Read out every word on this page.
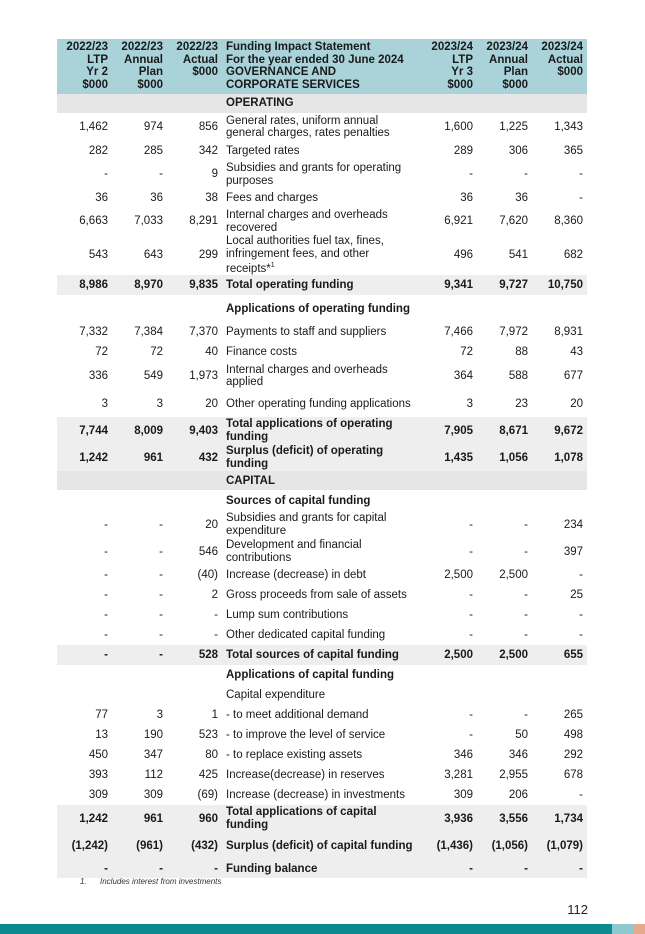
2022/23
LTP
Yr 2
$000	2022/23
Annual
Plan
$000	2022/23
Actual
$000	Funding Impact Statement
For the year ended 30 June 2024
GOVERNANCE AND
CORPORATE SERVICES	2023/24
LTP
Yr 3
$000	2023/24
Annual
Plan
$000	2023/24
Actual
$000
			OPERATING			
1,462	974	856	General rates, uniform annual general charges, rates penalties	1,600	1,225	1,343
282	285	342	Targeted rates	289	306	365
-	-	9	Subsidies and grants for operating purposes	-	-	-
36	36	38	Fees and charges	36	36	-
6,663	7,033	8,291	Internal charges and overheads recovered	6,921	7,620	8,360
543	643	299	Local authorities fuel tax, fines, infringement fees, and other receipts*$^1$	496	541	682
8,986	8,970	9,835	Total operating funding	9,341	9,727	10,750
			Applications of operating funding			
7,332	7,384	7,370	Payments to staff and suppliers	7,466	7,972	8,931
72	72	40	Finance costs	72	88	43
336	549	1,973	Internal charges and overheads applied	364	588	677
3	3	20	Other operating funding applications	3	23	20
7,744	8,009	9,403	Total applications of operating funding	7,905	8,671	9,672
1,242	961	432	Surplus (deficit) of operating funding	1,435	1,056	1,078
			CAPITAL			
			Sources of capital funding			
-	-	20	Subsidies and grants for capital expenditure	-	-	234
-	-	546	Development and financial contributions	-	-	397
-	-	(40)	Increase (decrease) in debt	2,500	2,500	-
-	-	2	Gross proceeds from sale of assets	-	-	25
-	-	-	Lump sum contributions	-	-	-
-	-	-	Other dedicated capital funding	-	-	-
-	-	528	Total sources of capital funding	2,500	2,500	655
			Applications of capital funding			
			Capital expenditure			
77	3	1	- to meet additional demand	-	-	265
13	190	523	- to improve the level of service	-	50	498
450	347	80	- to replace existing assets	346	346	292
393	112	425	Increase(decrease) in reserves	3,281	2,955	678
309	309	(69)	Increase (decrease) in investments	309	206	-
1,242	961	960	Total applications of capital funding	3,936	3,556	1,734
(1,242)	(961)	(432)	Surplus (deficit) of capital funding	(1,436)	(1,056)	(1,079)
-	-	-	Funding balance	-	-	-
1. Includes interest from investments
112
